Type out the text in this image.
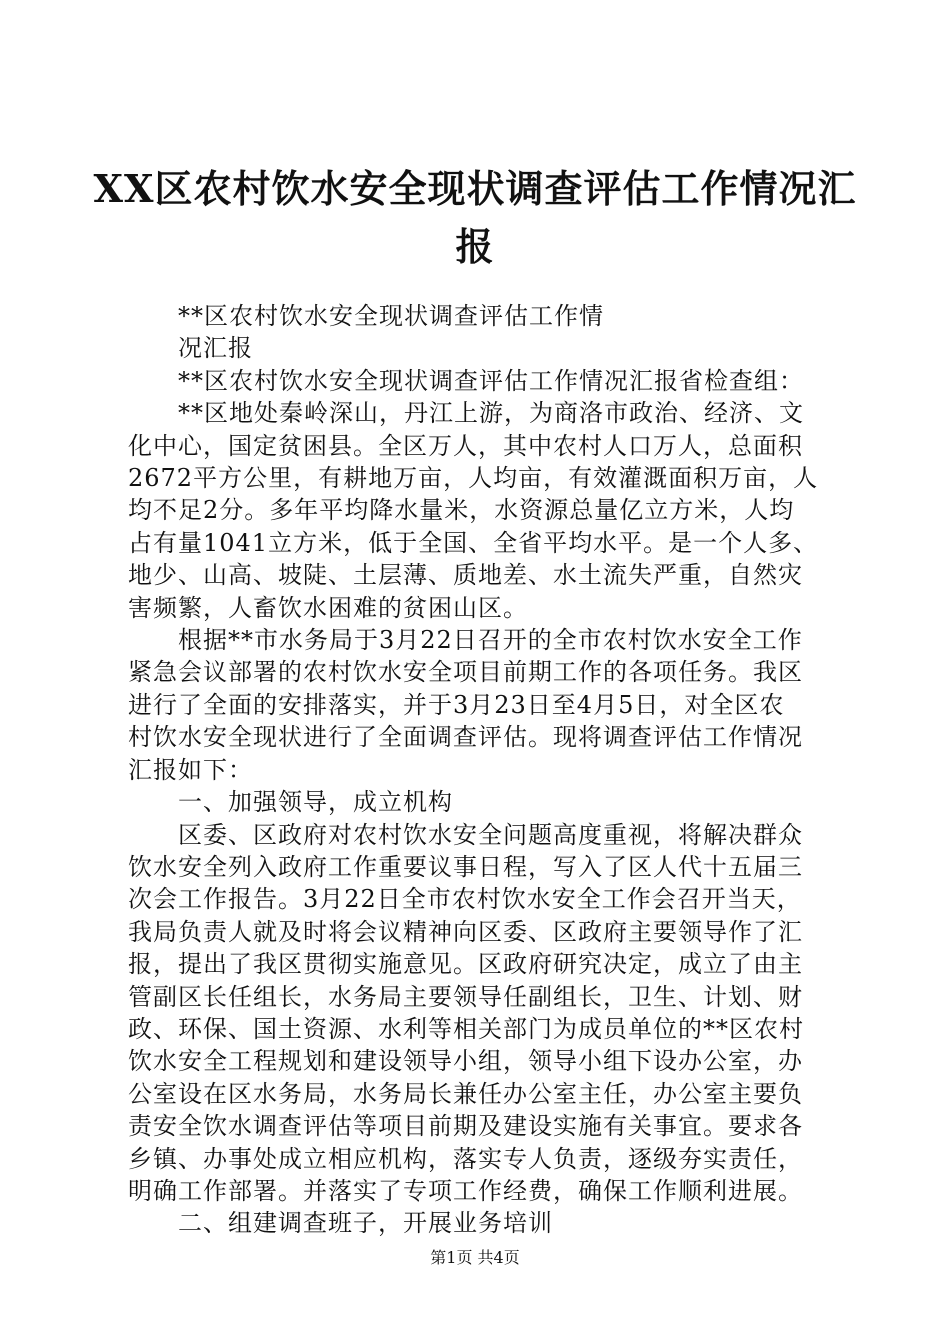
XX区农村饮水安全现状调查评估工作情况汇
报
**区农村饮水安全现状调查评估工作情
况汇报
**区农村饮水安全现状调查评估工作情况汇报省检查组：
**区地处秦岭深山，丹江上游，为商洛市政治、经济、文
化中心，国定贫困县。全区万人，其中农村人口万人，总面积
2672平方公里，有耕地万亩，人均亩，有效灌溉面积万亩，人
均不足2分。多年平均降水量米，水资源总量亿立方米，人均
占有量1041立方米，低于全国、全省平均水平。是一个人多、
地少、山高、坡陡、土层薄、质地差、水土流失严重，自然灾
害频繁，人畜饮水困难的贫困山区。
根据**市水务局于3月22日召开的全市农村饮水安全工作
紧急会议部署的农村饮水安全项目前期工作的各项任务。我区
进行了全面的安排落实，并于3月23日至4月5日，对全区农
村饮水安全现状进行了全面调查评估。现将调查评估工作情况
汇报如下：
一、加强领导，成立机构
区委、区政府对农村饮水安全问题高度重视，将解决群众
饮水安全列入政府工作重要议事日程，写入了区人代十五届三
次会工作报告。3月22日全市农村饮水安全工作会召开当天，
我局负责人就及时将会议精神向区委、区政府主要领导作了汇
报，提出了我区贯彻实施意见。区政府研究决定，成立了由主
管副区长任组长，水务局主要领导任副组长，卫生、计划、财
政、环保、国土资源、水利等相关部门为成员单位的**区农村
饮水安全工程规划和建设领导小组，领导小组下设办公室，办
公室设在区水务局，水务局长兼任办公室主任，办公室主要负
责安全饮水调查评估等项目前期及建设实施有关事宜。要求各
乡镇、办事处成立相应机构，落实专人负责，逐级夯实责任，
明确工作部署。并落实了专项工作经费，确保工作顺利进展。
二、组建调查班子，开展业务培训
第1页 共4页
